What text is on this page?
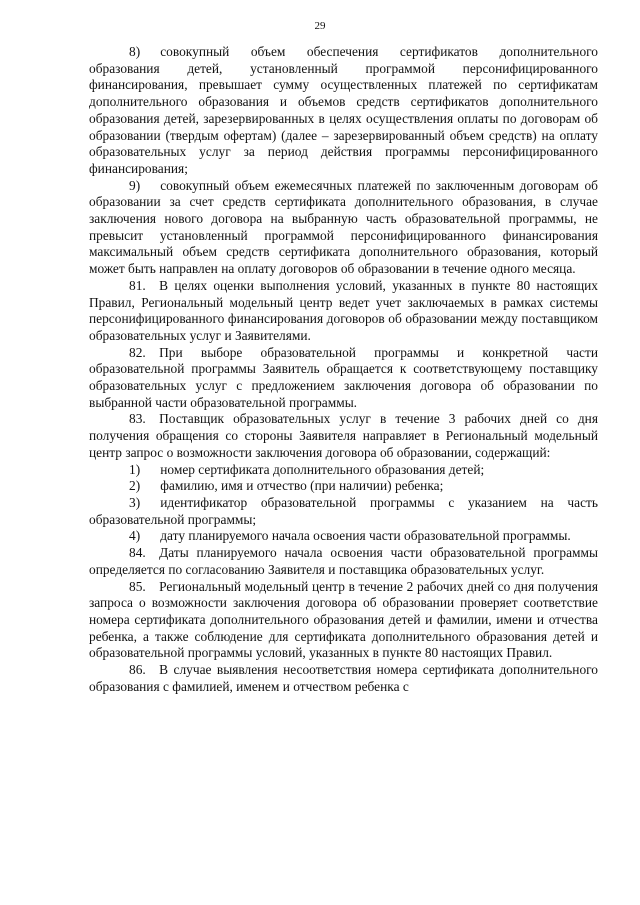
29

8)  совокупный объем обеспечения сертификатов дополнительного образования детей, установленный программой персонифицированного финансирования, превышает сумму осуществленных платежей по сертификатам дополнительного образования и объемов средств сертификатов дополнительного образования детей, зарезервированных в целях осуществления оплаты по договорам об образовании (твердым офертам) (далее – зарезервированный объем средств) на оплату образовательных услуг за период действия программы персонифицированного финансирования;

9)  совокупный объем ежемесячных платежей по заключенным договорам об образовании за счет средств сертификата дополнительного образования, в случае заключения нового договора на выбранную часть образовательной программы, не превысит установленный программой персонифицированного финансирования максимальный объем средств сертификата дополнительного образования, который может быть направлен на оплату договоров об образовании в течение одного месяца.

81.  В целях оценки выполнения условий, указанных в пункте 80 настоящих Правил, Региональный модельный центр ведет учет заключаемых в рамках системы персонифицированного финансирования договоров об образовании между поставщиком образовательных услуг и Заявителями.

82.  При выборе образовательной программы и конкретной части образовательной программы Заявитель обращается к соответствующему поставщику образовательных услуг с предложением заключения договора об образовании по выбранной части образовательной программы.

83.  Поставщик образовательных услуг в течение 3 рабочих дней со дня получения обращения со стороны Заявителя направляет в Региональный модельный центр запрос о возможности заключения договора об образовании, содержащий:

1)  номер сертификата дополнительного образования детей;

2)  фамилию, имя и отчество (при наличии) ребенка;

3)  идентификатор образовательной программы с указанием на часть образовательной программы;

4)  дату планируемого начала освоения части образовательной программы.

84.  Даты планируемого начала освоения части образовательной программы определяется по согласованию Заявителя и поставщика образовательных услуг.

85.  Региональный модельный центр в течение 2 рабочих дней со дня получения запроса о возможности заключения договора об образовании проверяет соответствие номера сертификата дополнительного образования детей и фамилии, имени и отчества ребенка, а также соблюдение для сертификата дополнительного образования детей и образовательной программы условий, указанных в пункте 80 настоящих Правил.

86.  В случае выявления несоответствия номера сертификата дополнительного образования с фамилией, именем и отчеством ребенка с
